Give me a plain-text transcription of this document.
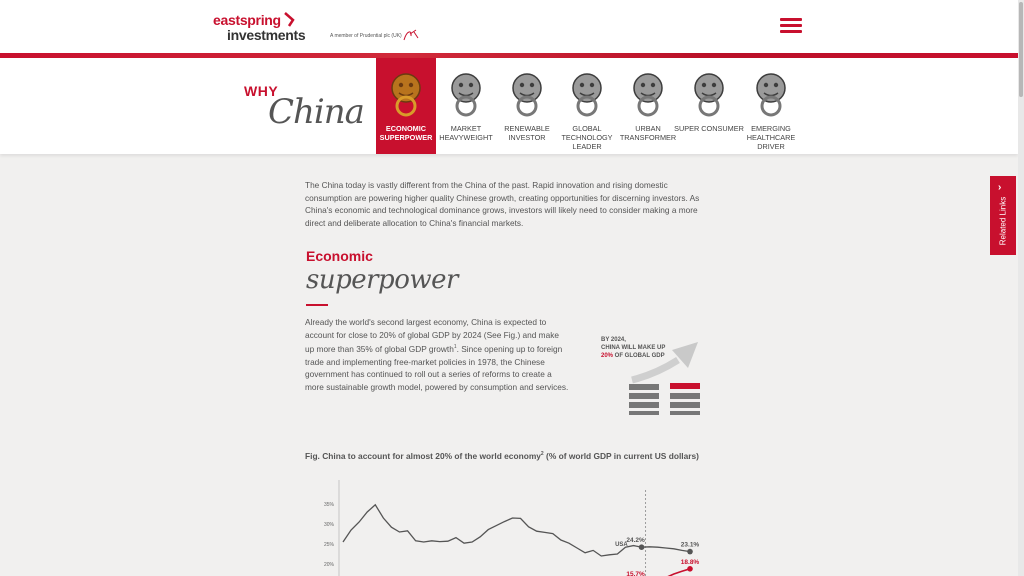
eastspring
investments	A member of Prudential plc (UK)
WHY
China	ECONOMIC SUPERPOWER
MARKET HEAVYWEIGHT
RENEWABLE INVESTOR
GLOBAL TECHNOLOGY LEADER
URBAN TRANSFORMER
SUPER CONSUMER EMERGING HEALTHCARE DRIVER
›
Related Links

The China today is vastly different from the China of the past. Rapid innovation and rising domestic consumption are powering higher quality Chinese growth, creating opportunities for discerning investors. As China's economic and technological dominance grows, investors will likely need to consider making a more direct and deliberate allocation to China's financial markets.

Economic
superpower

Already the world's second largest economy, China is expected to account for close to 20% of global GDP by 2024 (See Fig.) and make up more than 35% of global GDP growth$^1$. Since opening up to foreign trade and implementing free-market policies in 1978, the Chinese government has continued to roll out a series of reforms to create a more sustainable growth model, powered by consumption and services.

BY 2024,
CHINA WILL MAKE UP
20% OF GLOBAL GDP
Fig. China to account for almost 20% of the world economy$^2$ (% of world GDP in current US dollars)
35%
30%
25%
20%
USA
24.2%
23.1%
15.7%
18.8%
